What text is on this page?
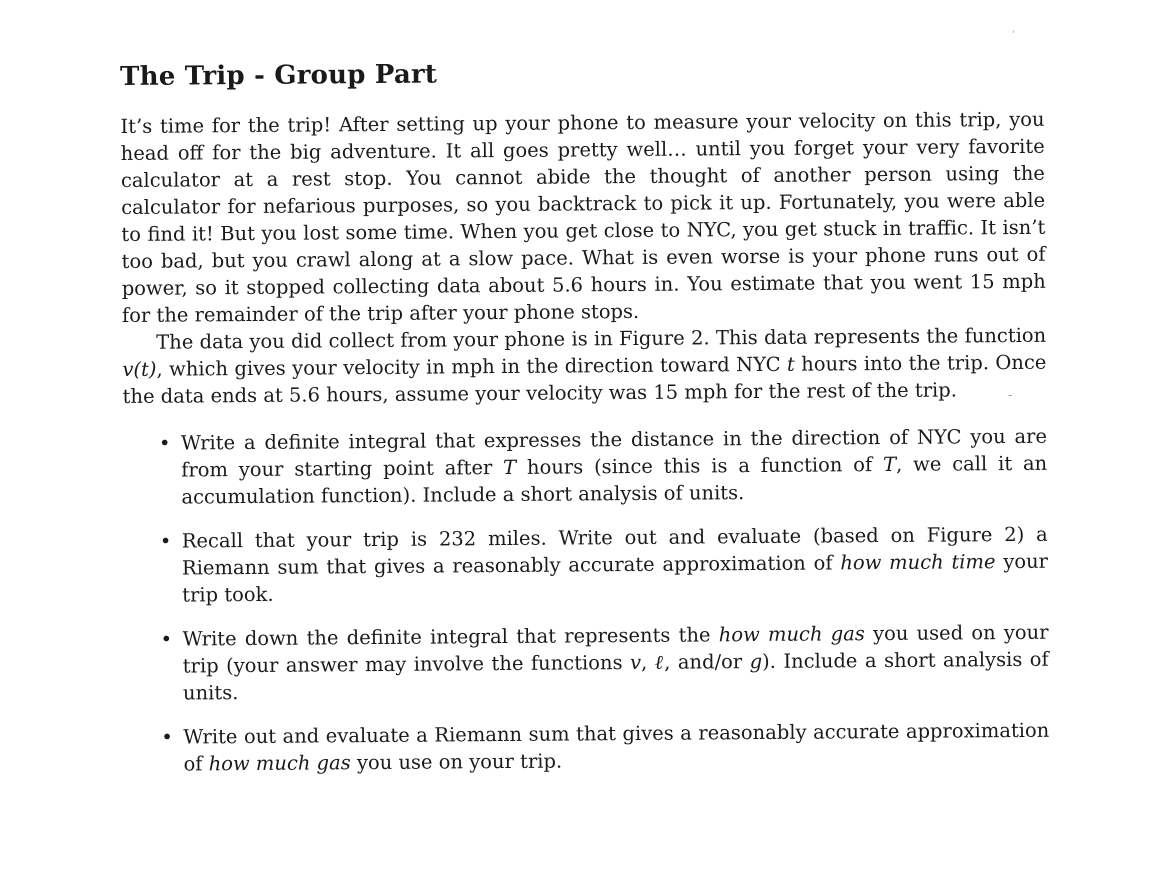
'
-
The Trip - Group Part

It’s time for the trip! After setting up your phone to measure your velocity on this trip, you head off for the big adventure. It all goes pretty well… until you forget your very favorite calculator at a rest stop. You cannot abide the thought of another person using the calculator for nefarious purposes, so you backtrack to pick it up. Fortunately, you were able to find it! But you lost some time. When you get close to NYC, you get stuck in traffic. It isn’t too bad, but you crawl along at a slow pace. What is even worse is your phone runs out of power, so it stopped collecting data about 5.6 hours in. You estimate that you went 15 mph for the remainder of the trip after your phone stops.

The data you did collect from your phone is in Figure 2. This data represents the function v(t), which gives your velocity in mph in the direction toward NYC t hours into the trip. Once the data ends at 5.6 hours, assume your velocity was 15 mph for the rest of the trip.

• Write a definite integral that expresses the distance in the direction of NYC you are from your starting point after T hours (since this is a function of T, we call it an accumulation function). Include a short analysis of units.
• Recall that your trip is 232 miles. Write out and evaluate (based on Figure 2) a Riemann sum that gives a reasonably accurate approximation of how much time your trip took.
• Write down the definite integral that represents the how much gas you used on your trip (your answer may involve the functions v, ℓ, and/or g). Include a short analysis of units.
• Write out and evaluate a Riemann sum that gives a reasonably accurate approximation of how much gas you use on your trip.
